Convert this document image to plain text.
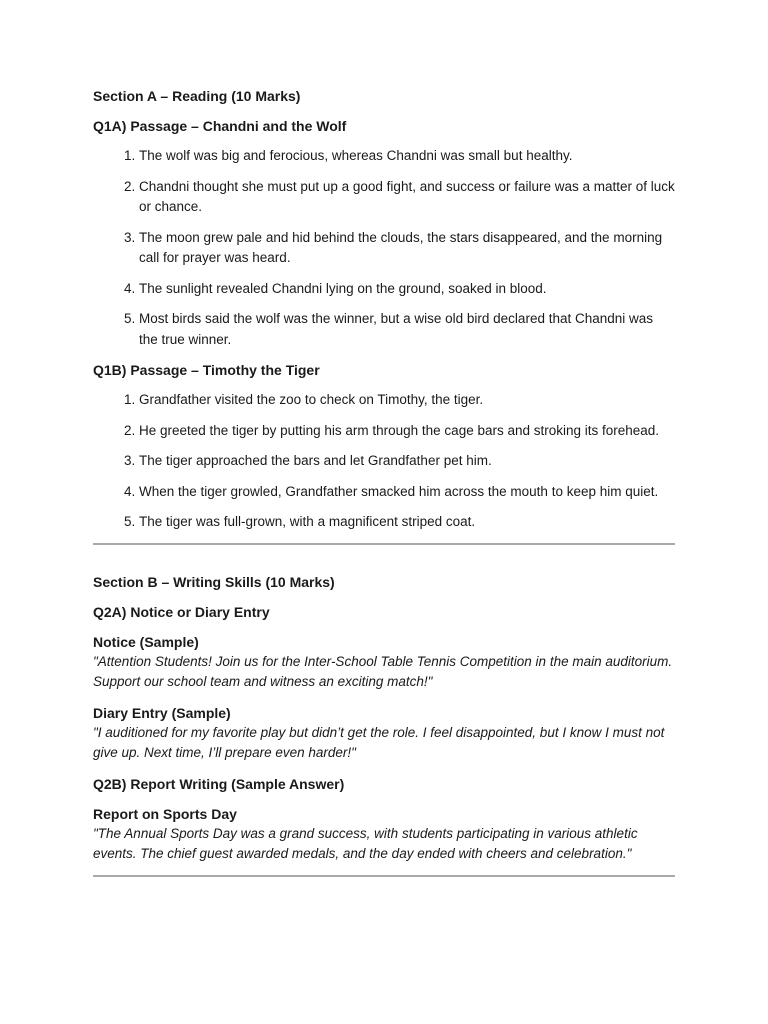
Section A – Reading (10 Marks)
Q1A) Passage – Chandni and the Wolf
1. The wolf was big and ferocious, whereas Chandni was small but healthy.
2. Chandni thought she must put up a good fight, and success or failure was a matter of luck or chance.
3. The moon grew pale and hid behind the clouds, the stars disappeared, and the morning call for prayer was heard.
4. The sunlight revealed Chandni lying on the ground, soaked in blood.
5. Most birds said the wolf was the winner, but a wise old bird declared that Chandni was the true winner.
Q1B) Passage – Timothy the Tiger
1. Grandfather visited the zoo to check on Timothy, the tiger.
2. He greeted the tiger by putting his arm through the cage bars and stroking its forehead.
3. The tiger approached the bars and let Grandfather pet him.
4. When the tiger growled, Grandfather smacked him across the mouth to keep him quiet.
5. The tiger was full-grown, with a magnificent striped coat.
Section B – Writing Skills (10 Marks)
Q2A) Notice or Diary Entry
Notice (Sample)
"Attention Students! Join us for the Inter-School Table Tennis Competition in the main auditorium. Support our school team and witness an exciting match!"
Diary Entry (Sample)
"I auditioned for my favorite play but didn’t get the role. I feel disappointed, but I know I must not give up. Next time, I’ll prepare even harder!"
Q2B) Report Writing (Sample Answer)
Report on Sports Day
"The Annual Sports Day was a grand success, with students participating in various athletic events. The chief guest awarded medals, and the day ended with cheers and celebration."
